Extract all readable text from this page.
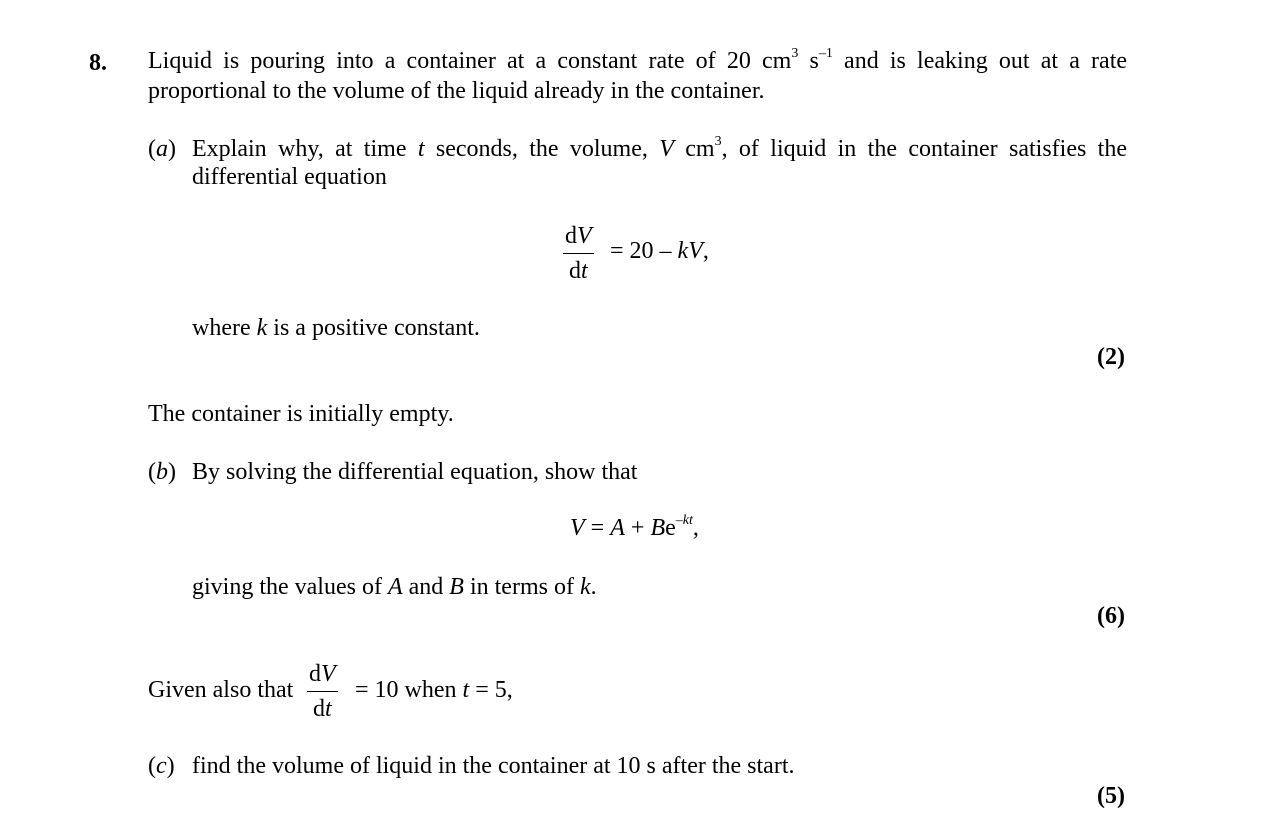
8. Liquid is pouring into a container at a constant rate of 20 $cm^3$ $s^{-1}$ and is leaking out at a rate
proportional to the volume of the liquid already in the container.
(a) Explain why, at time t seconds, the volume, V $cm^3$, of liquid in the container satisfies the
differential equation
dV
dt
= 20 – kV,
where k is a positive constant.
(2)
The container is initially empty.
(b) By solving the differential equation, show that
$V = A + Be^{-kt}$,
giving the values of A and B in terms of k.
(6)
Given also that
dV
dt
= 10 when t = 5,
(c) find the volume of liquid in the container at 10 s after the start.
(5)
